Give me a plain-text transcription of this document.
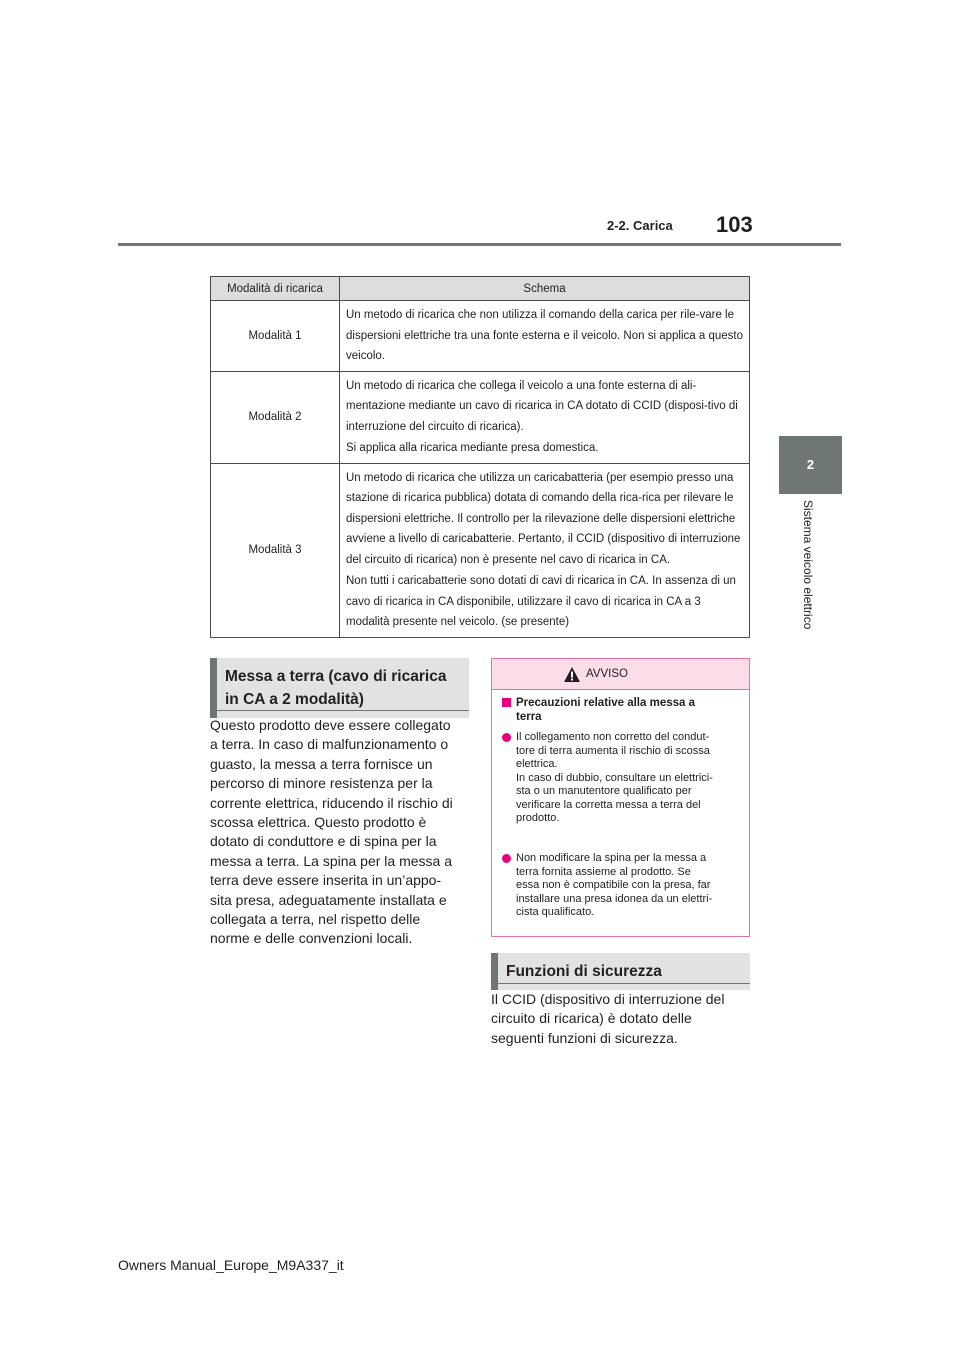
2-2. Carica 103
2
Sistema veicolo elettrico
Modalità di ricarica	Schema
Modalità 1	Un metodo di ricarica che non utilizza il comando della carica per rile-vare le dispersioni elettriche tra una fonte esterna e il veicolo. Non si applica a questo veicolo.

Modalità 2	Un metodo di ricarica che collega il veicolo a una fonte esterna di ali-mentazione mediante un cavo di ricarica in CA dotato di CCID (disposi-tivo di interruzione del circuito di ricarica).

Si applica alla ricarica mediante presa domestica.

Modalità 3	Un metodo di ricarica che utilizza un caricabatteria (per esempio presso una stazione di ricarica pubblica) dotata di comando della rica-rica per rilevare le dispersioni elettriche. Il controllo per la rilevazione delle dispersioni elettriche avviene a livello di caricabatterie. Pertanto, il CCID (dispositivo di interruzione del circuito di ricarica) non è presente nel cavo di ricarica in CA.

Non tutti i caricabatterie sono dotati di cavi di ricarica in CA. In assenza di un cavo di ricarica in CA disponibile, utilizzare il cavo di ricarica in CA a 3 modalità presente nel veicolo. (se presente)

Messa a terra (cavo di ricarica
in CA a 2 modalità)
Questo prodotto deve essere collegato
a terra. In caso di malfunzionamento o
guasto, la messa a terra fornisce un
percorso di minore resistenza per la
corrente elettrica, riducendo il rischio di
scossa elettrica. Questo prodotto è
dotato di conduttore e di spina per la
messa a terra. La spina per la messa a
terra deve essere inserita in un’appo-
sita presa, adeguatamente installata e
collegata a terra, nel rispetto delle
norme e delle convenzioni locali.
AVVISO
Precauzioni relative alla messa a
terra
Il collegamento non corretto del condut-
tore di terra aumenta il rischio di scossa
elettrica.
In caso di dubbio, consultare un elettrici-
sta o un manutentore qualificato per
verificare la corretta messa a terra del
prodotto.
Non modificare la spina per la messa a
terra fornita assieme al prodotto. Se
essa non è compatibile con la presa, far
installare una presa idonea da un elettri-
cista qualificato.
Funzioni di sicurezza
Il CCID (dispositivo di interruzione del
circuito di ricarica) è dotato delle
seguenti funzioni di sicurezza.
Owners Manual_Europe_M9A337_it
